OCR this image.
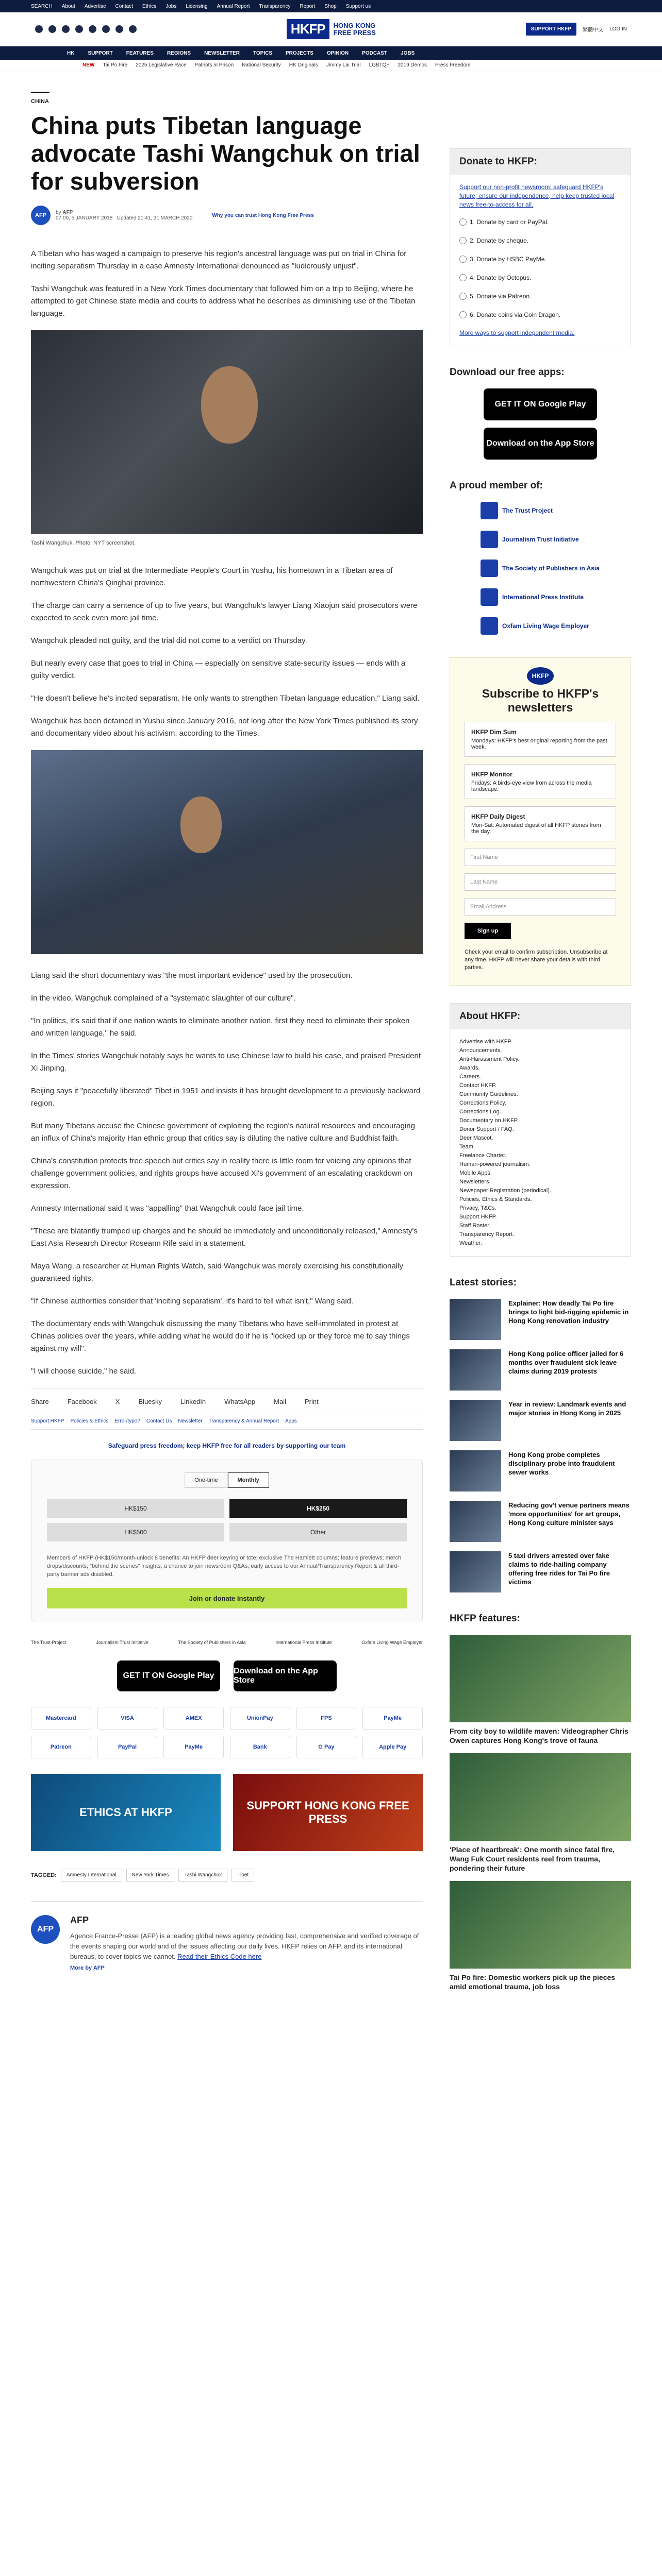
SEARCH About Advertise Contact Ethics Jobs Licensing Annual Report Transparency Report Shop Support us
HKFP	HONG KONG
FREE PRESS	SUPPORT HKFP	繁體中文 LOG IN
HK	SUPPORT	FEATURES	REGIONS	NEWSLETTER	TOPICS	PROJECTS	OPINION	PODCAST	JOBS
NEW Tai Po Fire 2025 Legislative Race Patriots in Prison National Security HK Originals Jimmy Lai Trial LGBTQ+ 2019 Demos Press Freedom
CHINA
China puts Tibetan language advocate Tashi Wangchuk on trial for subversion
AFP	by AFP
07:00, 5 JANUARY 2018 Updated 21:41, 31 MARCH 2020	Why you can trust Hong Kong Free Press

A Tibetan who has waged a campaign to preserve his region's ancestral language was put on trial in China for inciting separatism Thursday in a case Amnesty International denounced as "ludicrously unjust".

Tashi Wangchuk was featured in a New York Times documentary that followed him on a trip to Beijing, where he attempted to get Chinese state media and courts to address what he describes as diminishing use of the Tibetan language.

Tashi Wangchuk. Photo: NYT screenshot.

Wangchuk was put on trial at the Intermediate People's Court in Yushu, his hometown in a Tibetan area of northwestern China's Qinghai province.

The charge can carry a sentence of up to five years, but Wangchuk's lawyer Liang Xiaojun said prosecutors were expected to seek even more jail time.

Wangchuk pleaded not guilty, and the trial did not come to a verdict on Thursday.

But nearly every case that goes to trial in China — especially on sensitive state-security issues — ends with a guilty verdict.

"He doesn't believe he's incited separatism. He only wants to strengthen Tibetan language education," Liang said.

Wangchuk has been detained in Yushu since January 2016, not long after the New York Times published its story and documentary video about his activism, according to the Times.

Liang said the short documentary was "the most important evidence" used by the prosecution.

In the video, Wangchuk complained of a "systematic slaughter of our culture".

"In politics, it's said that if one nation wants to eliminate another nation, first they need to eliminate their spoken and written language," he said.

In the Times' stories Wangchuk notably says he wants to use Chinese law to build his case, and praised President Xi Jinping.

Beijing says it "peacefully liberated" Tibet in 1951 and insists it has brought development to a previously backward region.

But many Tibetans accuse the Chinese government of exploiting the region's natural resources and encouraging an influx of China's majority Han ethnic group that critics say is diluting the native culture and Buddhist faith.

China's constitution protects free speech but critics say in reality there is little room for voicing any opinions that challenge government policies, and rights groups have accused Xi's government of an escalating crackdown on expression.

Amnesty International said it was "appalling" that Wangchuk could face jail time.

"These are blatantly trumped up charges and he should be immediately and unconditionally released," Amnesty's East Asia Research Director Roseann Rife said in a statement.

Maya Wang, a researcher at Human Rights Watch, said Wangchuk was merely exercising his constitutionally guaranteed rights.

"If Chinese authorities consider that 'inciting separatism', it's hard to tell what isn't," Wang said.

The documentary ends with Wangchuk discussing the many Tibetans who have self-immolated in protest at Chinas policies over the years, while adding what he would do if he is "locked up or they force me to say things against my will".

"I will choose suicide," he said.

Share	Facebook	X	Bluesky	LinkedIn	WhatsApp	Mail	Print
Support HKFP Policies & Ethics Error/typo? Contact Us Newsletter Transparency & Annual Report Apps
Safeguard press freedom; keep HKFP free for all readers by supporting our team
One-time	Monthly
HK$150	HK$250
HK$500	Other
Members of HKFP (HK$150/month-unlock 8 benefits: An HKFP deer keyring or tote; exclusive The Hamlett columns; feature previews; merch drops/discounts; "behind the scenes" insights; a chance to join newsroom Q&As; early access to our Annual/Transparency Report & all third-party banner ads disabled.
Join or donate instantly
The Trust Project	Journalism Trust Initiative	The Society of Publishers in Asia	International Press Institute	Oxfam Living Wage Employer
GET IT ON Google Play
Download on the App Store
Mastercard	VISA	AMEX	UnionPay	FPS	PayMe
Patreon	PayPal	PayMe	Bank	G Pay	Apple Pay
ETHICS AT HKFP
SUPPORT HONG KONG FREE PRESS
TAGGED:	Amnesty International	New York Times	Tashi Wangchuk	Tibet
AFP
AFP

Agence France-Presse (AFP) is a leading global news agency providing fast, comprehensive and verified coverage of the events shaping our world and of the issues affecting our daily lives. HKFP relies on AFP, and its international bureaus, to cover topics we cannot. Read their Ethics Code here

More by AFP
Donate to HKFP:
Support our non-profit newsroom: safeguard HKFP's future, ensure our independence, help keep trusted local news free-to-access for all.
1. Donate by card or PayPal.
2. Donate by cheque.
3. Donate by HSBC PayMe.
4. Donate by Octopus.
5. Donate via Patreon.
6. Donate coins via Coin Dragon.
More ways to support independent media.
Download our free apps:
GET IT ON Google Play
Download on the App Store
A proud member of:
The Trust Project
Journalism Trust Initiative
The Society of Publishers in Asia
International Press Institute
Oxfam Living Wage Employer
HKFP
Subscribe to HKFP's newsletters
HKFP Dim Sum
Mondays: HKFP's best original reporting from the past week.
HKFP Monitor
Fridays: A birds-eye view from across the media landscape.
HKFP Daily Digest
Mon-Sat: Automated digest of all HKFP stories from the day.
First Name
Last Name
Email Address
Sign up
Check your email to confirm subscription. Unsubscribe at any time. HKFP will never share your details with third parties.
About HKFP:
Advertise with HKFP.
Announcements.
Anti-Harassment Policy.
Awards.
Careers.
Contact HKFP.
Community Guidelines.
Corrections Policy.
Corrections Log.
Documentary on HKFP.
Donor Support / FAQ.
Deer Mascot.
Team.
Freelance Charter.
Human-powered journalism.
Mobile Apps.
Newsletters.
Newspaper Registration (periodical).
Policies, Ethics & Standards.
Privacy, T&Cs.
Support HKFP.
Staff Roster.
Transparency Report.
Weather.
Latest stories:
Explainer: How deadly Tai Po fire brings to light bid-rigging epidemic in Hong Kong renovation industry
Hong Kong police officer jailed for 6 months over fraudulent sick leave claims during 2019 protests
Year in review: Landmark events and major stories in Hong Kong in 2025
Hong Kong probe completes disciplinary probe into fraudulent sewer works
Reducing gov't venue partners means 'more opportunities' for art groups, Hong Kong culture minister says
5 taxi drivers arrested over fake claims to ride-hailing company offering free rides for Tai Po fire victims
HKFP features:
From city boy to wildlife maven: Videographer Chris Owen captures Hong Kong's trove of fauna
'Place of heartbreak': One month since fatal fire, Wang Fuk Court residents reel from trauma, pondering their future
Tai Po fire: Domestic workers pick up the pieces amid emotional trauma, job loss
